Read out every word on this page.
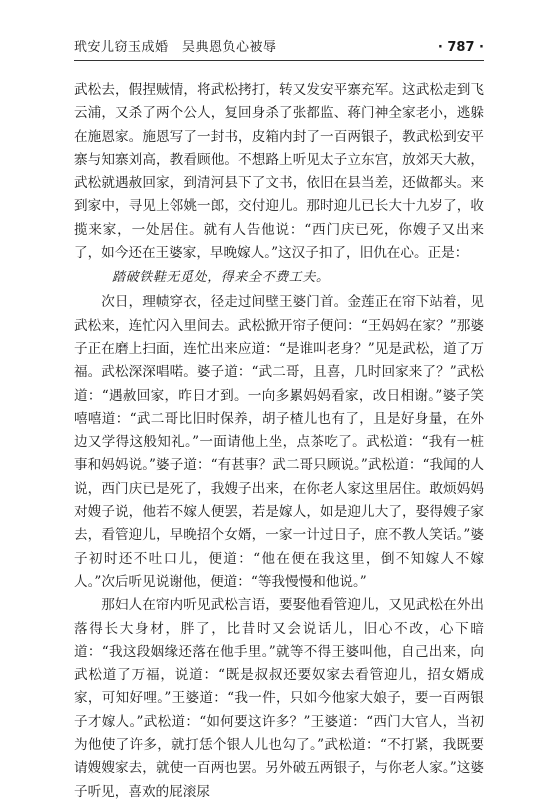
玳安儿窃玉成婚　吴典恩负心被辱	· 787 ·

武松去，假捏贼情，将武松拷打，转又发安平寨充军。这武松走到飞云浦，又杀了两个公人，复回身杀了张都监、蒋门神全家老小，逃躲在施恩家。施恩写了一封书，皮箱内封了一百两银子，教武松到安平寨与知寨刘高，教看顾他。不想路上听见太子立东宫，放郊天大赦，武松就遇赦回家，到清河县下了文书，依旧在县当差，还做都头。来到家中，寻见上邻姚一郎，交付迎儿。那时迎儿已长大十九岁了，收揽来家，一处居住。就有人告他说：“西门庆已死，你嫂子又出来了，如今还在王婆家，早晚嫁人。”这汉子扣了，旧仇在心。正是：

踏破铁鞋无觅处，得来全不费工夫。

次日，理帻穿衣，径走过间壁王婆门首。金莲正在帘下站着，见武松来，连忙闪入里间去。武松掀开帘子便问：“王妈妈在家？”那婆子正在磨上扫面，连忙出来应道：“是谁叫老身？”见是武松，道了万福。武松深深唱喏。婆子道：“武二哥，且喜，几时回家来了？”武松道：“遇赦回家，昨日才到。一向多累妈妈看家，改日相谢。”婆子笑嘻嘻道：“武二哥比旧时保养，胡子楂儿也有了，且是好身量，在外边又学得这般知礼。”一面请他上坐，点茶吃了。武松道：“我有一桩事和妈妈说。”婆子道：“有甚事？武二哥只顾说。”武松道：“我闻的人说，西门庆已是死了，我嫂子出来，在你老人家这里居住。敢烦妈妈对嫂子说，他若不嫁人便罢，若是嫁人，如是迎儿大了，娶得嫂子家去，看管迎儿，早晚招个女婿，一家一计过日子，庶不教人笑话。”婆子初时还不吐口儿，便道：“他在便在我这里，倒不知嫁人不嫁人。”次后听见说谢他，便道：“等我慢慢和他说。”

那妇人在帘内听见武松言语，要娶他看管迎儿，又见武松在外出落得长大身材，胖了，比昔时又会说话儿，旧心不改，心下暗道：“我这段姻缘还落在他手里。”就等不得王婆叫他，自己出来，向武松道了万福，说道：“既是叔叔还要奴家去看管迎儿，招女婿成家，可知好哩。”王婆道：“我一件，只如今他家大娘子，要一百两银子才嫁人。”武松道：“如何要这许多？”王婆道：“西门大官人，当初为他使了许多，就打恁个银人儿也勾了。”武松道：“不打紧，我既要请嫂嫂家去，就使一百两也罢。另外破五两银子，与你老人家。”这婆子听见，喜欢的屁滚尿
